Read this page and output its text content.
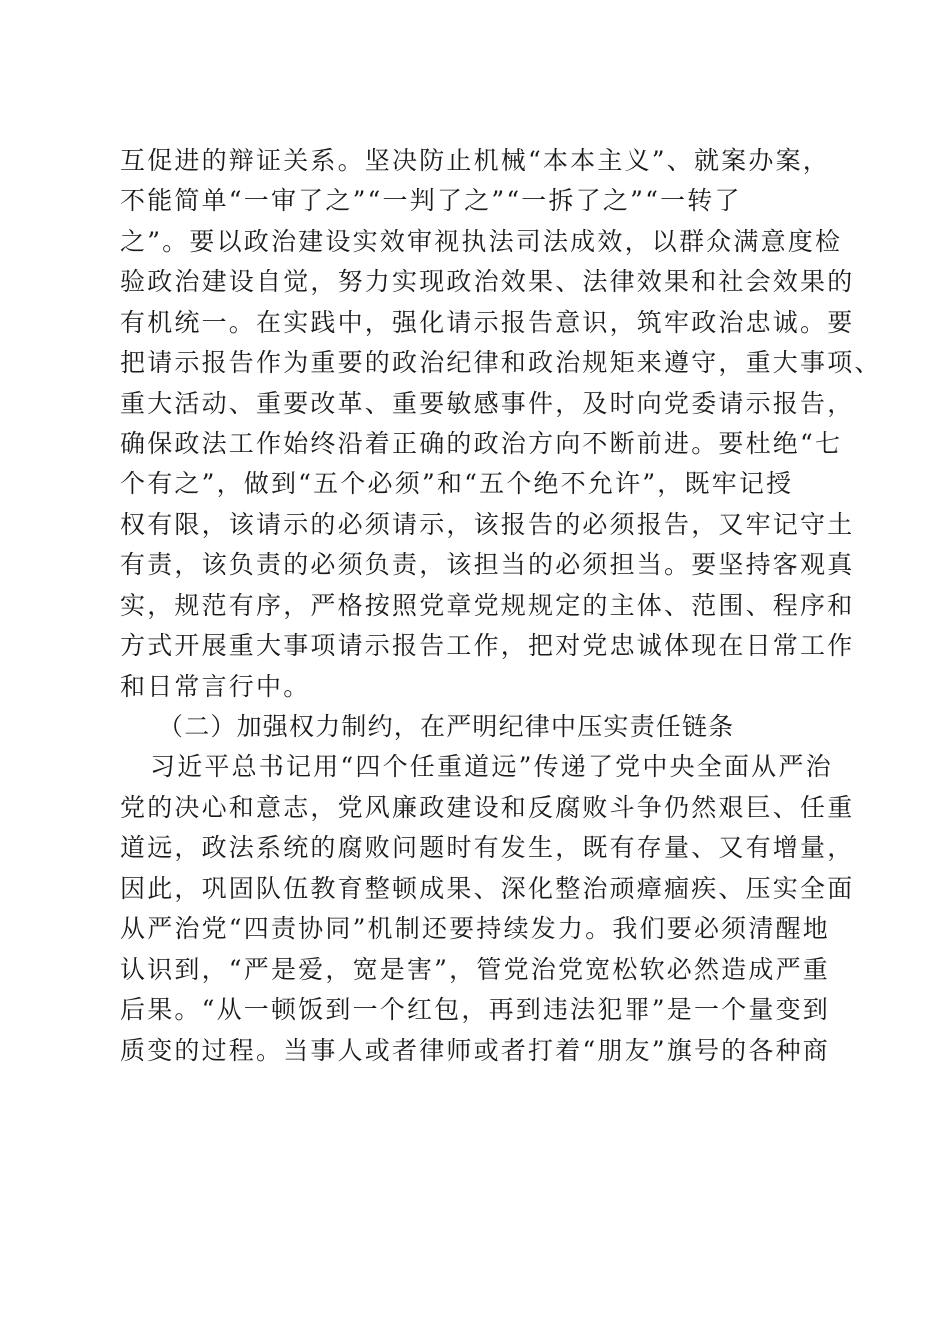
互促进的辩证关系。坚决防止机械“本本主义”、就案办案，
不能简单“一审了之”“一判了之”“一拆了之”“一转了
之”。要以政治建设实效审视执法司法成效，以群众满意度检
验政治建设自觉，努力实现政治效果、法律效果和社会效果的
有机统一。在实践中，强化请示报告意识，筑牢政治忠诚。要
把请示报告作为重要的政治纪律和政治规矩来遵守，重大事项、
重大活动、重要改革、重要敏感事件，及时向党委请示报告，
确保政法工作始终沿着正确的政治方向不断前进。要杜绝“七
个有之”，做到“五个必须”和“五个绝不允许”，既牢记授
权有限，该请示的必须请示，该报告的必须报告，又牢记守土
有责，该负责的必须负责，该担当的必须担当。要坚持客观真
实，规范有序，严格按照党章党规规定的主体、范围、程序和
方式开展重大事项请示报告工作，把对党忠诚体现在日常工作
和日常言行中。
（二）加强权力制约，在严明纪律中压实责任链条
习近平总书记用“四个任重道远”传递了党中央全面从严治
党的决心和意志，党风廉政建设和反腐败斗争仍然艰巨、任重
道远，政法系统的腐败问题时有发生，既有存量、又有增量，
因此，巩固队伍教育整顿成果、深化整治顽瘴痼疾、压实全面
从严治党“四责协同”机制还要持续发力。我们要必须清醒地
认识到，“严是爱，宽是害”，管党治党宽松软必然造成严重
后果。“从一顿饭到一个红包，再到违法犯罪”是一个量变到
质变的过程。当事人或者律师或者打着“朋友”旗号的各种商
